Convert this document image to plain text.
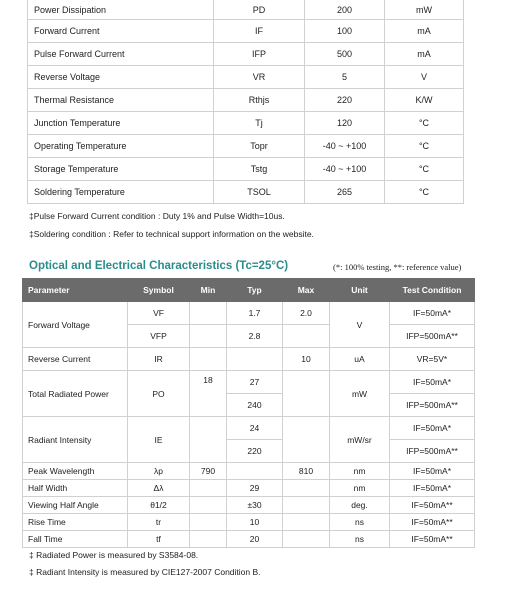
Power Dissipation	PD	200	mW
Forward Current	IF	100	mA
Pulse Forward Current	IFP	500	mA
Reverse Voltage	VR	5	V
Thermal Resistance	Rthjs	220	K/W
Junction Temperature	Tj	120	°C
Operating Temperature	Topr	-40 ~ +100	°C
Storage Temperature	Tstg	-40 ~ +100	°C
Soldering Temperature	TSOL	265	°C
‡Pulse Forward Current condition : Duty 1% and Pulse Width=10us.
‡Soldering condition : Refer to technical support information on the website.
Optical and Electrical Characteristics (Tc=25°C)	(*: 100% testing, **: reference value)
Parameter	Symbol	Min	Typ	Max	Unit	Test Condition
Forward Voltage	VF		1.7	2.0	V	IF=50mA*
	VFP		2.8			IFP=500mA**
Reverse Current	IR			10	uA	VR=5V*
Total Radiated Power	PO	18	27		mW	IF=50mA*
			240			IFP=500mA**
Radiant Intensity	IE		24		mW/sr	IF=50mA*
			220			IFP=500mA**
Peak Wavelength	λp	790		810	nm	IF=50mA*
Half Width	Δλ		29		nm	IF=50mA*
Viewing Half Angle	θ1/2		±30		deg.	IF=50mA**
Rise Time	tr		10		ns	IF=50mA**
Fall Time	tf		20		ns	IF=50mA**
‡ Radiated Power is measured by S3584-08.
‡ Radiant Intensity is measured by CIE127-2007 Condition B.
